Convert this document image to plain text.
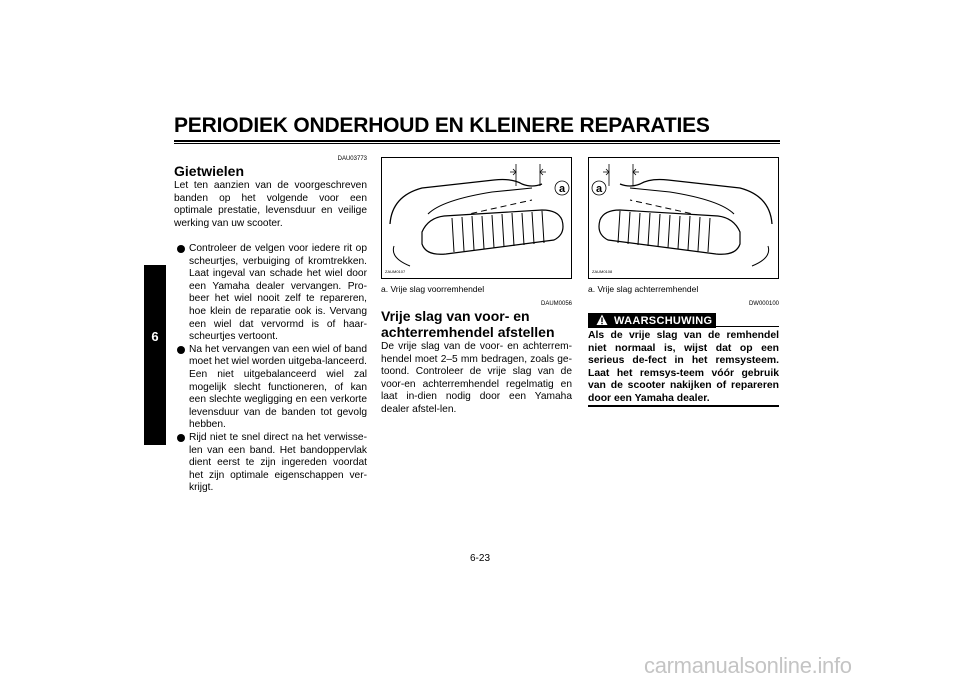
PERIODIEK ONDERHOUD EN KLEINERE REPARATIES
6
DAU03773
Gietwielen
Let ten aanzien van de voorgeschreven banden op het volgende voor een optimale prestatie, levensduur en veilige werking van uw scooter.
Controleer de velgen voor iedere rit op scheurtjes, verbuiging of kromtrekken. Laat ingeval van schade het wiel door een Yamaha dealer vervangen. Pro-beer het wiel nooit zelf te repareren, hoe klein de reparatie ook is. Vervang een wiel dat vervormd is of haar-scheurtjes vertoont.
Na het vervangen van een wiel of band moet het wiel worden uitgeba-lanceerd. Een niet uitgebalanceerd wiel zal mogelijk slecht functioneren, of kan een slechte wegligging en een verkorte levensduur van de banden tot gevolg hebben.
Rijd niet te snel direct na het verwisse-len van een band. Het bandoppervlak dient eerst te zijn ingereden voordat het zijn optimale eigenschappen ver-krijgt.
a
ZAUM0107
a. Vrije slag voorremhendel
DAUM0056
Vrije slag van voor- en
achterremhendel afstellen
De vrije slag van de voor- en achterrem-hendel moet 2–5 mm bedragen, zoals ge-toond. Controleer de vrije slag van de voor-en achterremhendel regelmatig en laat in-dien nodig door een Yamaha dealer afstel-len.
a
ZAUM0108
a. Vrije slag achterremhendel
DW000100
WAARSCHUWING
Als de vrije slag van de remhendel niet normaal is, wijst dat op een serieus de-fect in het remsysteem. Laat het remsys-teem vóór gebruik van de scooter nakijken of repareren door een Yamaha dealer.
6-23
carmanualsonline.info
